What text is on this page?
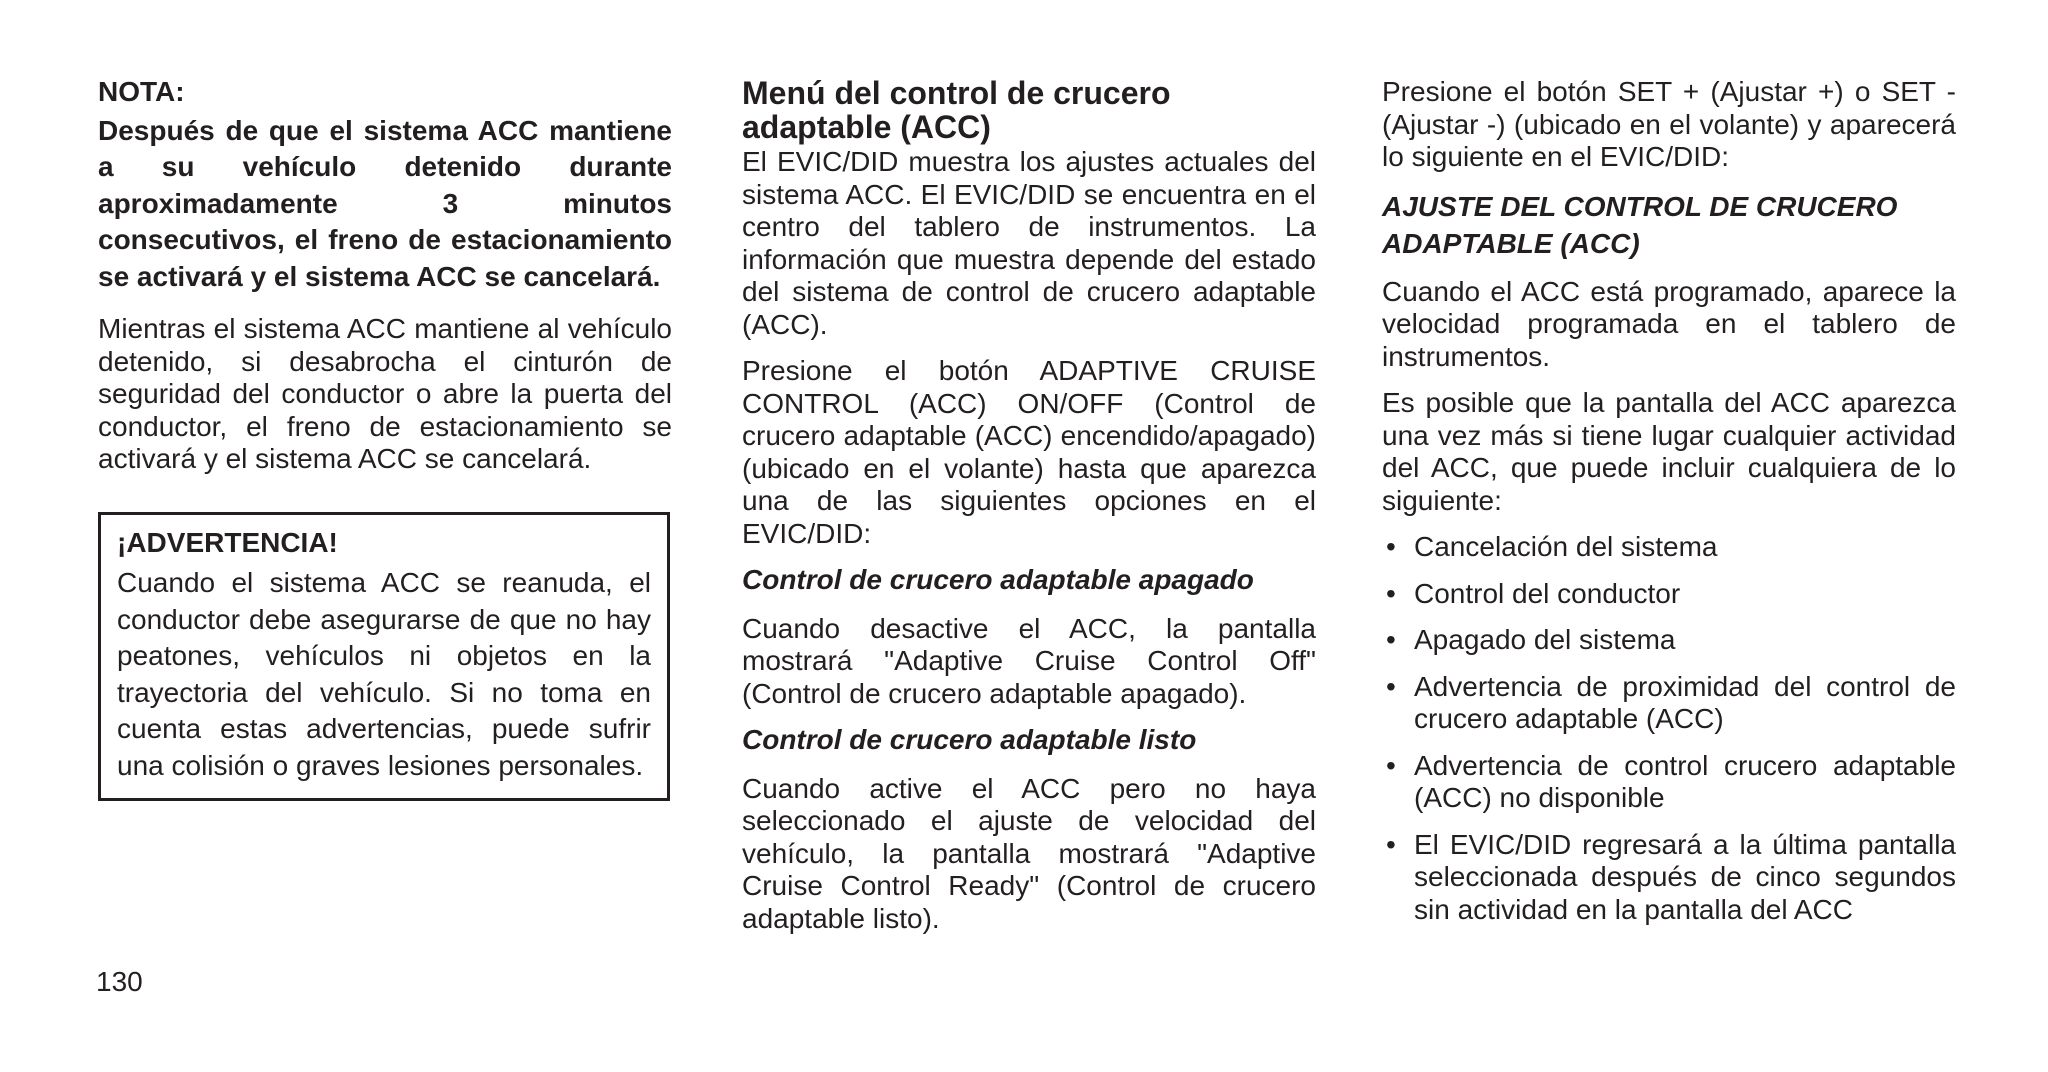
NOTA:

Después de que el sistema ACC mantiene a su vehículo detenido durante aproximadamente 3 minutos consecutivos, el freno de estacionamiento se activará y el sistema ACC se cancelará.

Mientras el sistema ACC mantiene al vehículo detenido, si desabrocha el cinturón de seguridad del conductor o abre la puerta del conductor, el freno de estacionamiento se activará y el sistema ACC se cancelará.

¡ADVERTENCIA!

Cuando el sistema ACC se reanuda, el conductor debe asegurarse de que no hay peatones, vehículos ni objetos en la trayectoria del vehículo. Si no toma en cuenta estas advertencias, puede sufrir una colisión o graves lesiones personales.

Menú del control de crucero adaptable (ACC)

El EVIC/DID muestra los ajustes actuales del sistema ACC. El EVIC/DID se encuentra en el centro del tablero de instrumentos. La información que muestra depende del estado del sistema de control de crucero adaptable (ACC).

Presione el botón ADAPTIVE CRUISE CONTROL (ACC) ON/OFF (Control de crucero adaptable (ACC) encendido/apagado) (ubicado en el volante) hasta que aparezca una de las siguientes opciones en el EVIC/DID:

Control de crucero adaptable apagado

Cuando desactive el ACC, la pantalla mostrará "Adaptive Cruise Control Off" (Control de crucero adaptable apagado).

Control de crucero adaptable listo

Cuando active el ACC pero no haya seleccionado el ajuste de velocidad del vehículo, la pantalla mostrará "Adaptive Cruise Control Ready" (Control de crucero adaptable listo).

Presione el botón SET + (Ajustar +) o SET - (Ajustar -) (ubicado en el volante) y aparecerá lo siguiente en el EVIC/DID:

AJUSTE DEL CONTROL DE CRUCERO ADAPTABLE (ACC)

Cuando el ACC está programado, aparece la velocidad programada en el tablero de instrumentos.

Es posible que la pantalla del ACC aparezca una vez más si tiene lugar cualquier actividad del ACC, que puede incluir cualquiera de lo siguiente:

• Cancelación del sistema
• Control del conductor
• Apagado del sistema
• Advertencia de proximidad del control de crucero adaptable (ACC)
• Advertencia de control crucero adaptable (ACC) no disponible
• El EVIC/DID regresará a la última pantalla seleccionada después de cinco segundos sin actividad en la pantalla del ACC
130
